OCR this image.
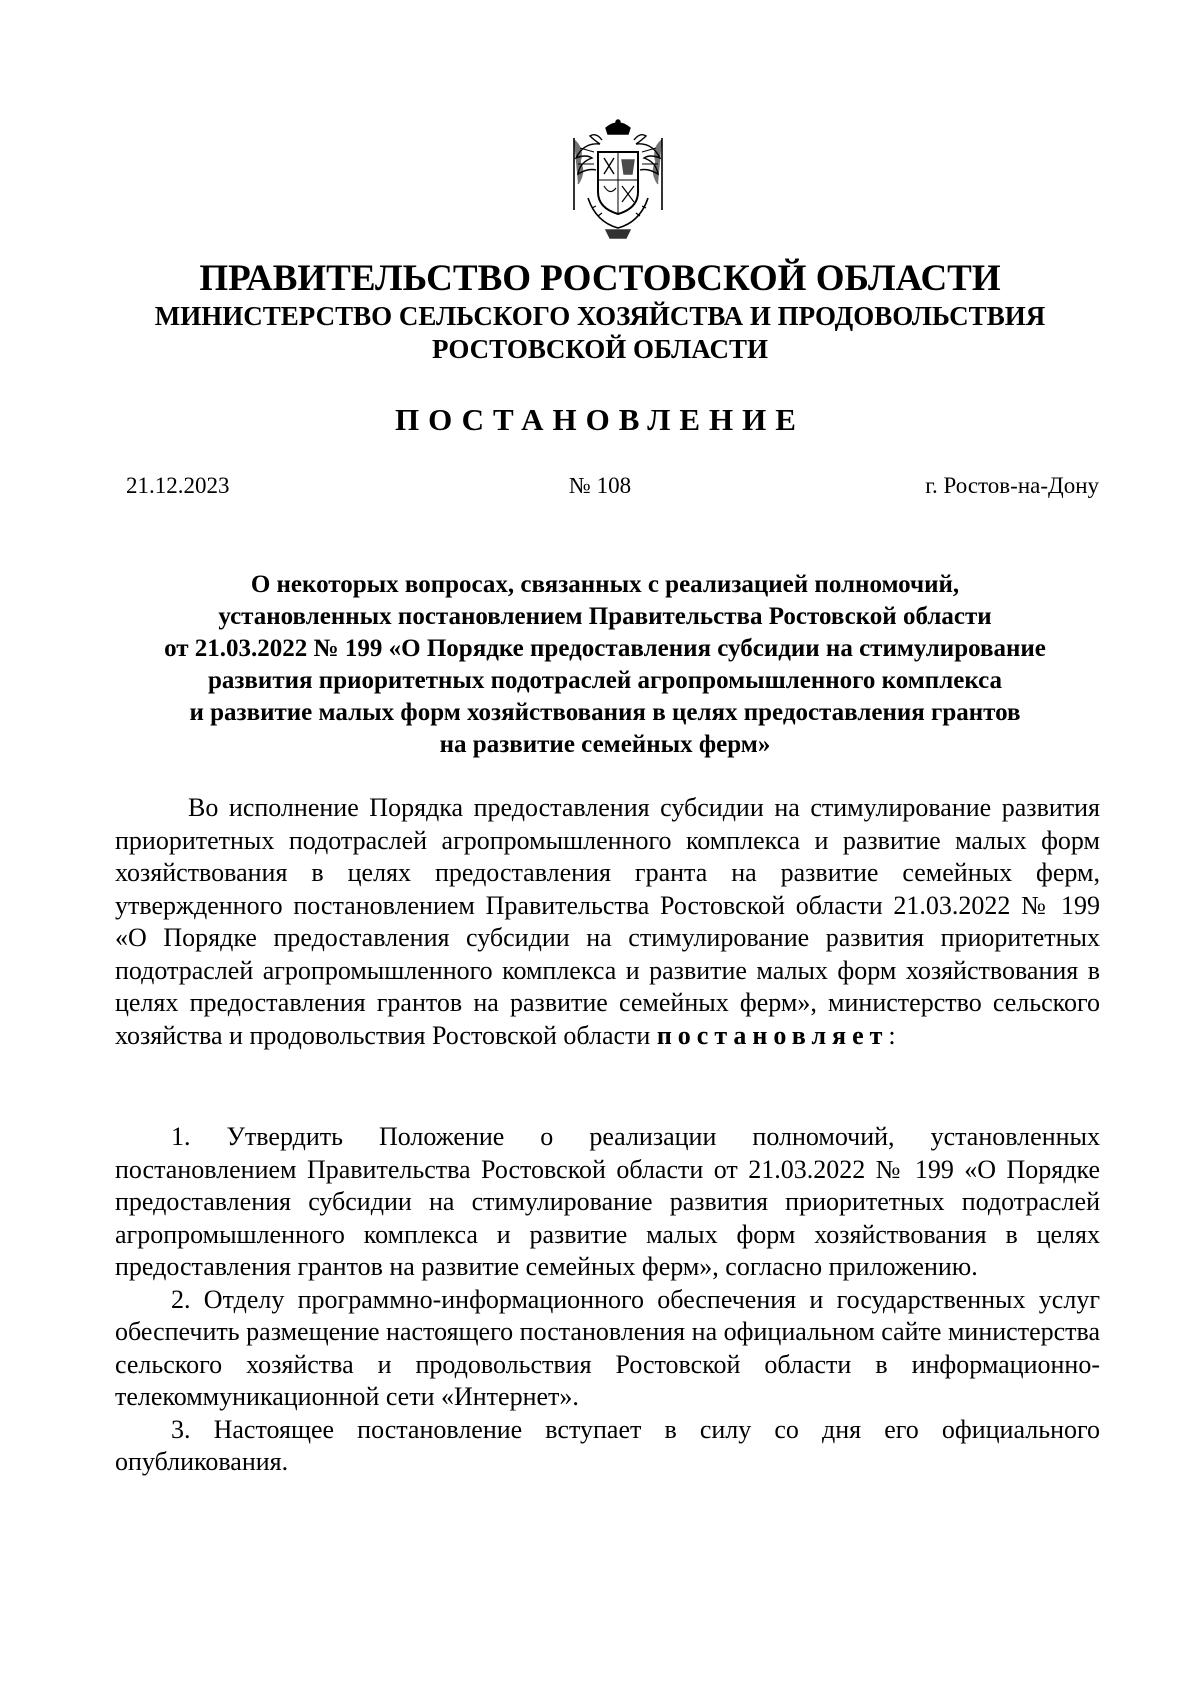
ПРАВИТЕЛЬСТВО РОСТОВСКОЙ ОБЛАСТИ
МИНИСТЕРСТВО СЕЛЬСКОГО ХОЗЯЙСТВА И ПРОДОВОЛЬСТВИЯ
РОСТОВСКОЙ ОБЛАСТИ
ПОСТАНОВЛЕНИЕ
21.12.2023	№ 108	г. Ростов-на-Дону
О некоторых вопросах, связанных с реализацией полномочий,
установленных постановлением Правительства Ростовской области
от 21.03.2022 № 199 «О Порядке предоставления субсидии на стимулирование
развития приоритетных подотраслей агропромышленного комплекса
и развитие малых форм хозяйствования в целях предоставления грантов
на развитие семейных ферм»
Во исполнение Порядка предоставления субсидии на стимулирование развития приоритетных подотраслей агропромышленного комплекса и развитие малых форм хозяйствования в целях предоставления гранта на развитие семейных ферм, утвержденного постановлением Правительства Ростовской области 21.03.2022 № 199 «О Порядке предоставления субсидии на стимулирование развития приоритетных подотраслей агропромышленного комплекса и развитие малых форм хозяйствования в целях предоставления грантов на развитие семейных ферм», министерство сельского хозяйства и продовольствия Ростовской области постановляет:

1. Утвердить Положение о реализации полномочий, установленных постановлением Правительства Ростовской области от 21.03.2022 № 199 «О Порядке предоставления субсидии на стимулирование развития приоритетных подотраслей агропромышленного комплекса и развитие малых форм хозяйствования в целях предоставления грантов на развитие семейных ферм», согласно приложению.

2. Отделу программно-информационного обеспечения и государственных услуг обеспечить размещение настоящего постановления на официальном сайте министерства сельского хозяйства и продовольствия Ростовской области в информационно-телекоммуникационной сети «Интернет».

3. Настоящее постановление вступает в силу со дня его официального опубликования.
